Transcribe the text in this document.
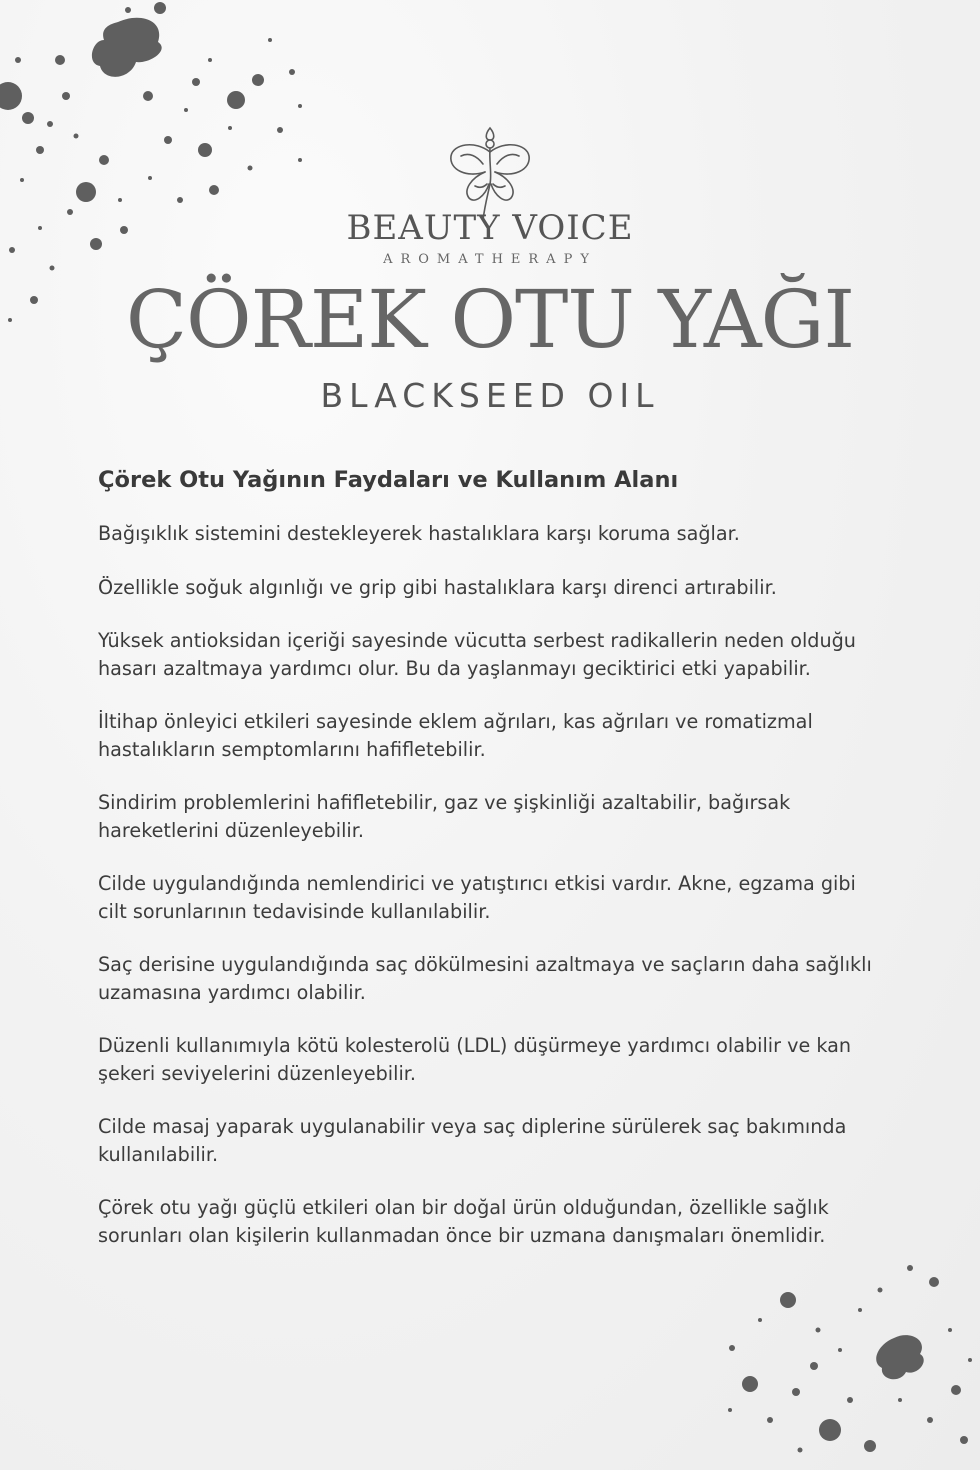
BEAUTY VOICE
AROMATHERAPY
ÇÖREK OTU YAĞI
BLACKSEED OIL
Çörek Otu Yağının Faydaları ve Kullanım Alanı

Bağışıklık sistemini destekleyerek hastalıklara karşı koruma sağlar.

Özellikle soğuk algınlığı ve grip gibi hastalıklara karşı direnci artırabilir.

Yüksek antioksidan içeriği sayesinde vücutta serbest radikallerin neden olduğu hasarı azaltmaya yardımcı olur. Bu da yaşlanmayı geciktirici etki yapabilir.

İltihap önleyici etkileri sayesinde eklem ağrıları, kas ağrıları ve romatizmal hastalıkların semptomlarını hafifletebilir.

Sindirim problemlerini hafifletebilir, gaz ve şişkinliği azaltabilir, bağırsak hareketlerini düzenleyebilir.

Cilde uygulandığında nemlendirici ve yatıştırıcı etkisi vardır. Akne, egzama gibi cilt sorunlarının tedavisinde kullanılabilir.

Saç derisine uygulandığında saç dökülmesini azaltmaya ve saçların daha sağlıklı uzamasına yardımcı olabilir.

Düzenli kullanımıyla kötü kolesterolü (LDL) düşürmeye yardımcı olabilir ve kan şekeri seviyelerini düzenleyebilir.

Cilde masaj yaparak uygulanabilir veya saç diplerine sürülerek saç bakımında kullanılabilir.

Çörek otu yağı güçlü etkileri olan bir doğal ürün olduğundan, özellikle sağlık sorunları olan kişilerin kullanmadan önce bir uzmana danışmaları önemlidir.
